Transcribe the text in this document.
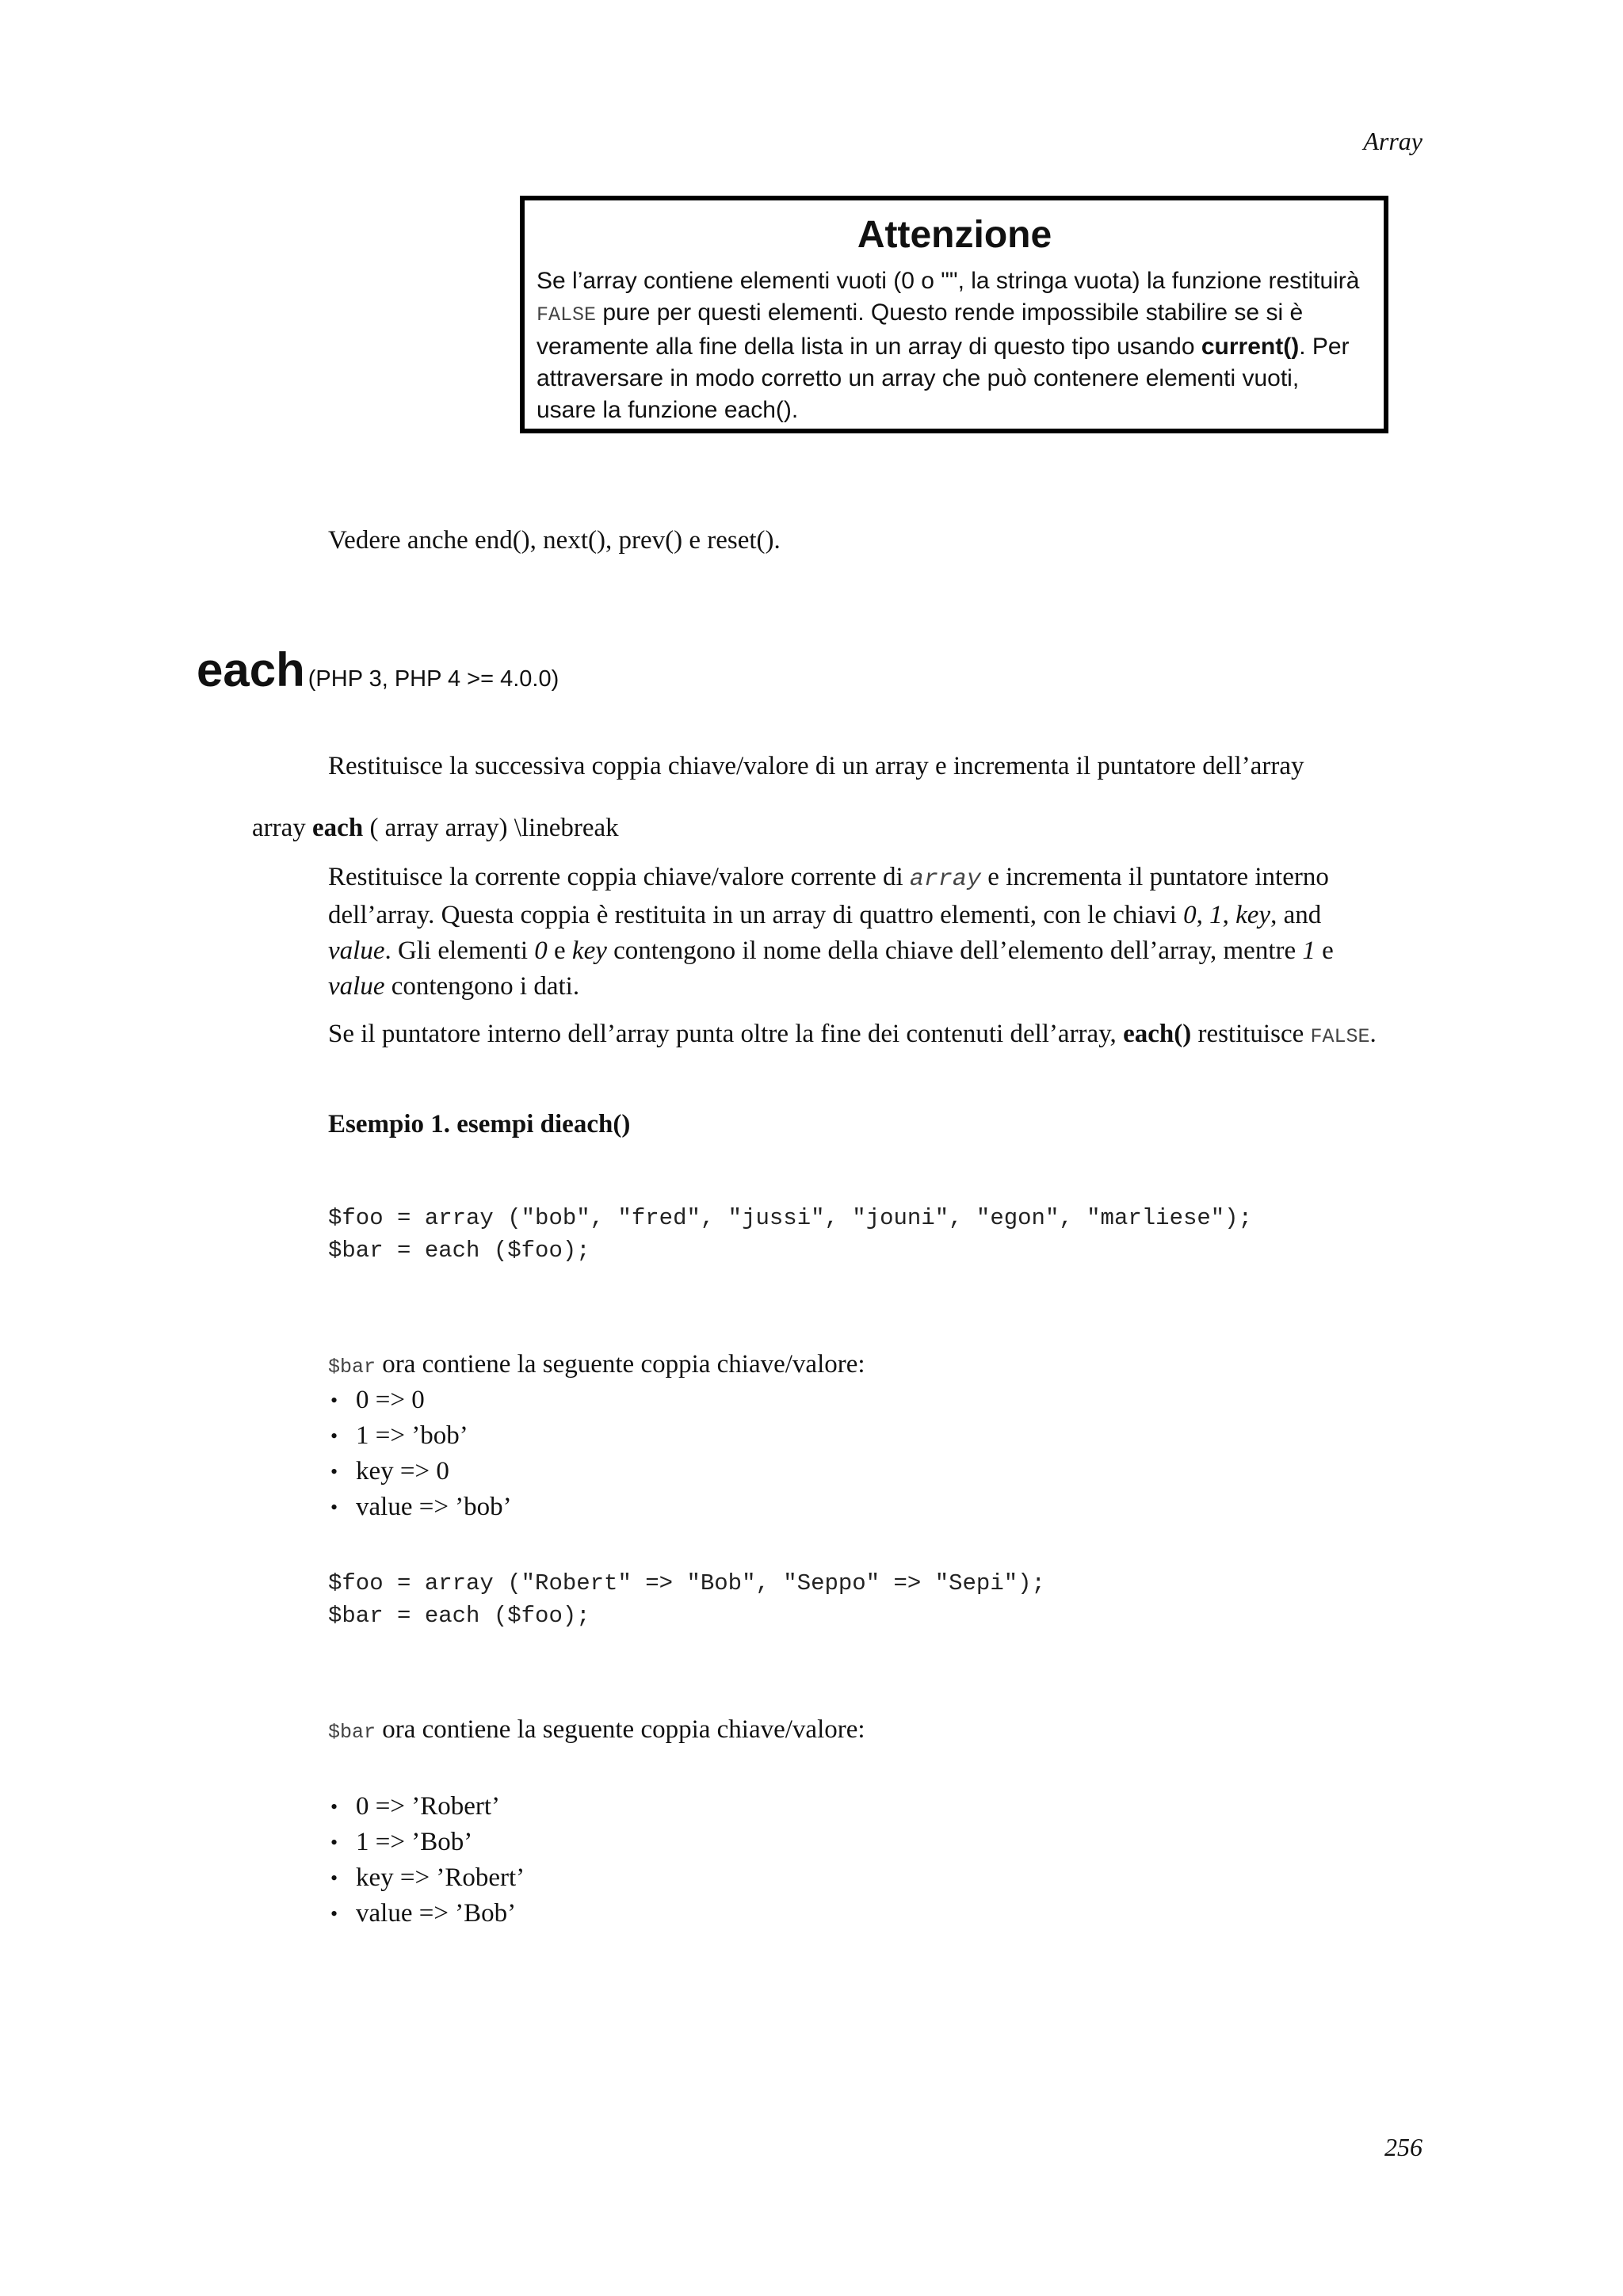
Array
Attenzione
Se l’array contiene elementi vuoti (0 o "", la stringa vuota) la funzione restituirà
FALSE pure per questi elementi. Questo rende impossibile stabilire se si è
veramente alla fine della lista in un array di questo tipo usando current(). Per
attraversare in modo corretto un array che può contenere elementi vuoti,
usare la funzione each().
Vedere anche end(), next(), prev() e reset().
each (PHP 3, PHP 4 >= 4.0.0)
Restituisce la successiva coppia chiave/valore di un array e incrementa il puntatore dell’array
array each ( array array) \linebreak
Restituisce la corrente coppia chiave/valore corrente di array e incrementa il puntatore interno
dell’array. Questa coppia è restituita in un array di quattro elementi, con le chiavi 0, 1, key, and
value. Gli elementi 0 e key contengono il nome della chiave dell’elemento dell’array, mentre 1 e
value contengono i dati.
Se il puntatore interno dell’array punta oltre la fine dei contenuti dell’array, each() restituisce FALSE.
Esempio 1. esempi dieach()
$foo = array ("bob", "fred", "jussi", "jouni", "egon", "marliese");
$bar = each ($foo);
$bar ora contiene la seguente coppia chiave/valore:
• 0 => 0
• 1 => ’bob’
• key => 0
• value => ’bob’
$foo = array ("Robert" => "Bob", "Seppo" => "Sepi");
$bar = each ($foo);
$bar ora contiene la seguente coppia chiave/valore:
• 0 => ’Robert’
• 1 => ’Bob’
• key => ’Robert’
• value => ’Bob’
256
